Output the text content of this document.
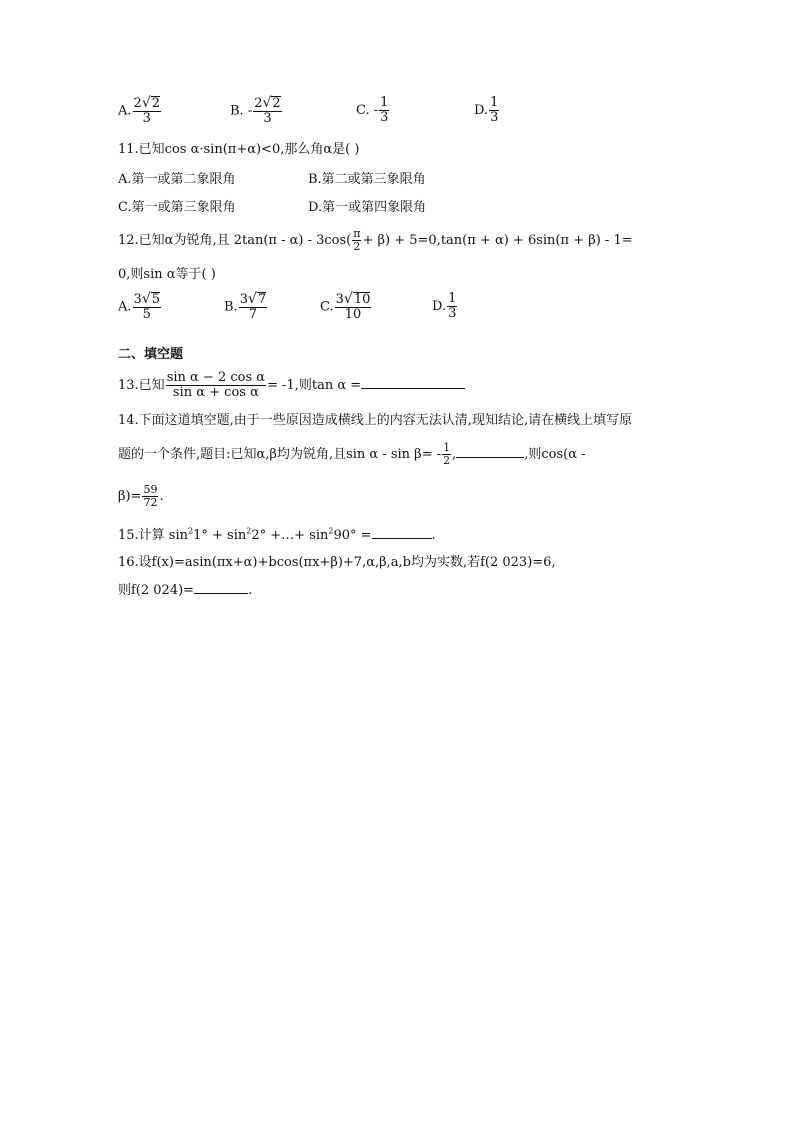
A. $\frac{2 √ 2}{3}$	B. - $\frac{2 √ 2}{3}$	C. - $\frac{1}{3}$	D. $\frac{1}{3}$
11.已知cos α·sin(π+α)<0,那么角α是( )
A.第一或第二象限角	B.第二或第三象限角
C.第一或第三象限角	D.第一或第四象限角
12.已知α为锐角,且 $2\tan(\pi - \alpha) - 3\cos( \frac{\pi}{2} + \beta) + 5=0,\tan(\pi + \alpha) + 6\sin(\pi + \beta) - 1=$
0,则sin α等于( )
A. $\frac{3 √ 5}{5}$	B. $\frac{3 √ 7}{7}$	C. $\frac{3 √ 10}{10}$	D. $\frac{1}{3}$
二、填空题
13.已知 $\frac{\text{sin α − 2 cos α}}{\text{sin α + cos α}} = -1$,则tan α =
14.下面这道填空题,由于一些原因造成横线上的内容无法认清,现知结论,请在横线上填写原
题的一个条件,题目:已知α,β均为锐角,且$\sin \alpha - \sin \beta= - \frac{1}{2}$ ,	,则cos(α -
$\beta)= \frac{59}{72}$ .
15.计算 $\sin^21^\circ + \sin^22^\circ$ +…+ $\sin^290^\circ$ =	.
16.设f(x)=asin(πx+α)+bcos(πx+β)+7,α,β,a,b均为实数,若f(2 023)=6,
则f(2 024)=	.
